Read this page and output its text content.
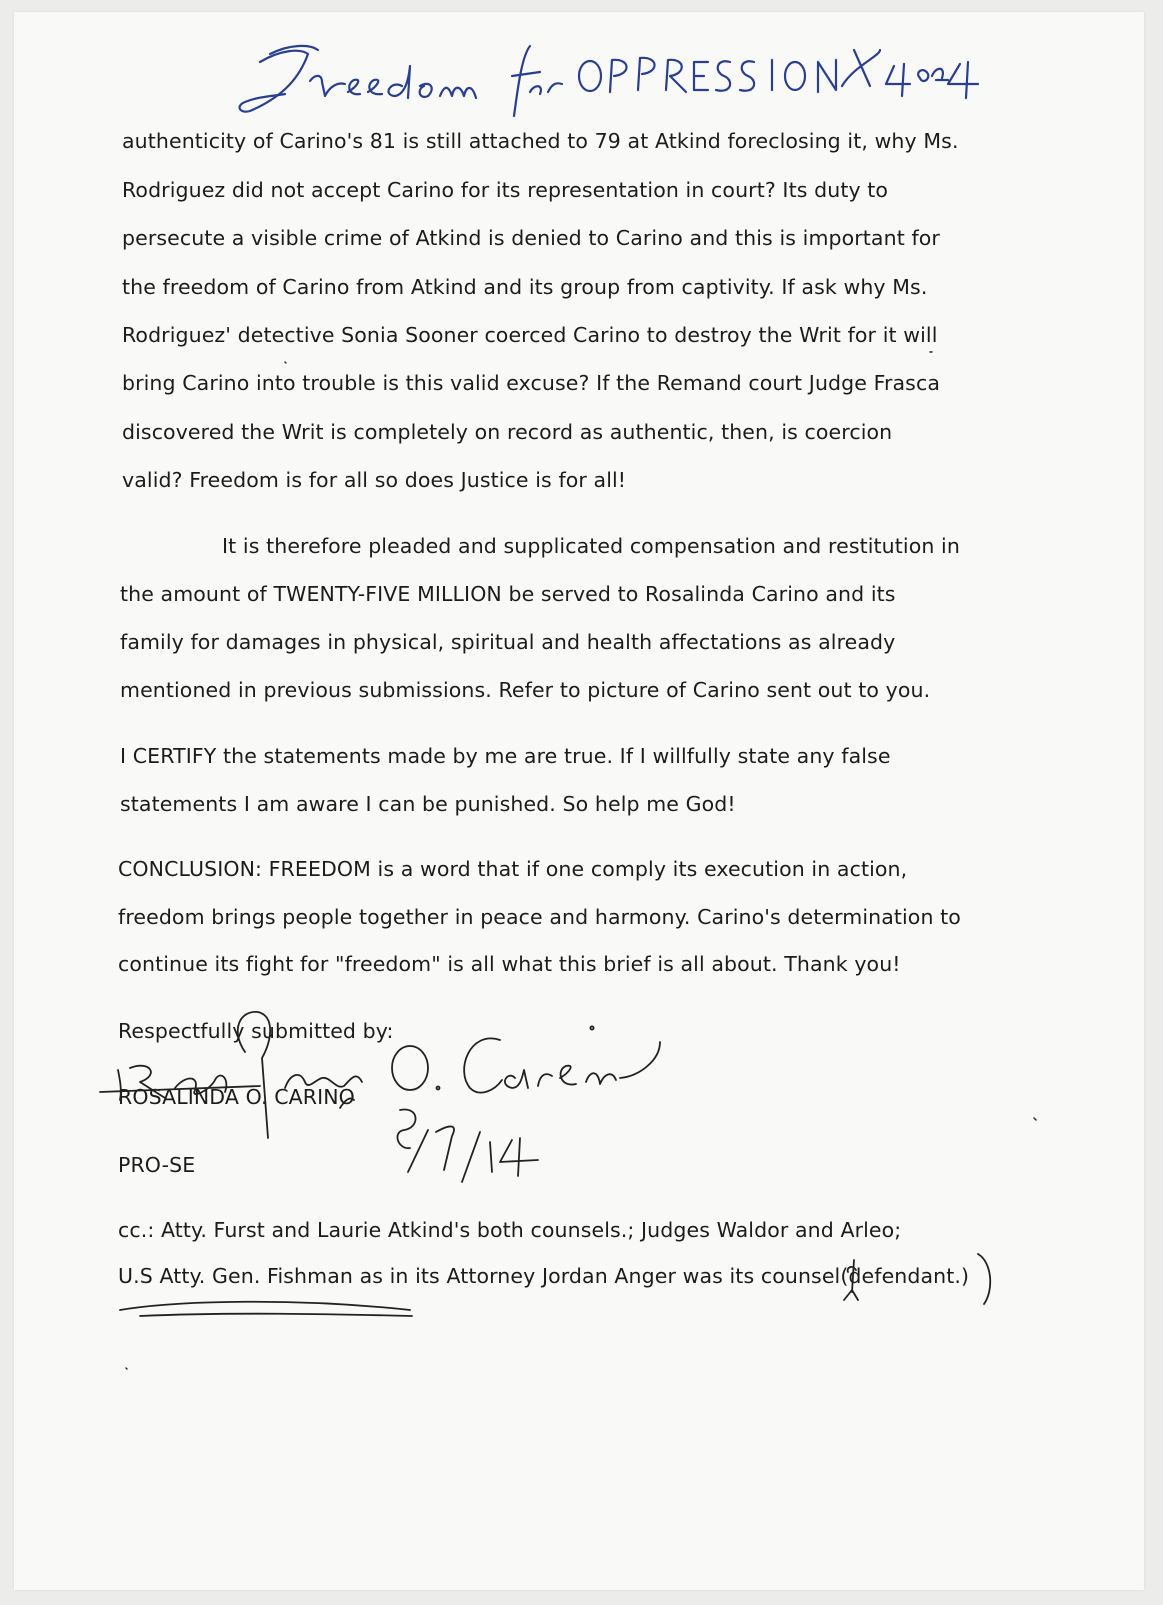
authenticity of Carino's 81 is still attached to 79 at Atkind foreclosing it, why Ms.
Rodriguez did not accept Carino for its representation in court? Its duty to
persecute a visible crime of Atkind is denied to Carino and this is important for
the freedom of Carino from Atkind and its group from captivity. If ask why Ms.
Rodriguez' detective Sonia Sooner coerced Carino to destroy the Writ for it will
bring Carino into trouble is this valid excuse? If the Remand court Judge Frasca
discovered the Writ is completely on record as authentic, then, is coercion
valid? Freedom is for all so does Justice is for all!
It is therefore pleaded and supplicated compensation and restitution in
the amount of TWENTY-FIVE MILLION be served to Rosalinda Carino and its
family for damages in physical, spiritual and health affectations as already
mentioned in previous submissions. Refer to picture of Carino sent out to you.
I CERTIFY the statements made by me are true. If I willfully state any false
statements I am aware I can be punished. So help me God!
CONCLUSION: FREEDOM is a word that if one comply its execution in action,
freedom brings people together in peace and harmony. Carino's determination to
continue its fight for "freedom" is all what this brief is all about. Thank you!
Respectfully submitted by:
ROSALINDA O. CARINO
PRO-SE
cc.: Atty. Furst and Laurie Atkind's both counsels.; Judges Waldor and Arleo;
U.S Atty. Gen. Fishman as in its Attorney Jordan Anger was its counsel(defendant.)
